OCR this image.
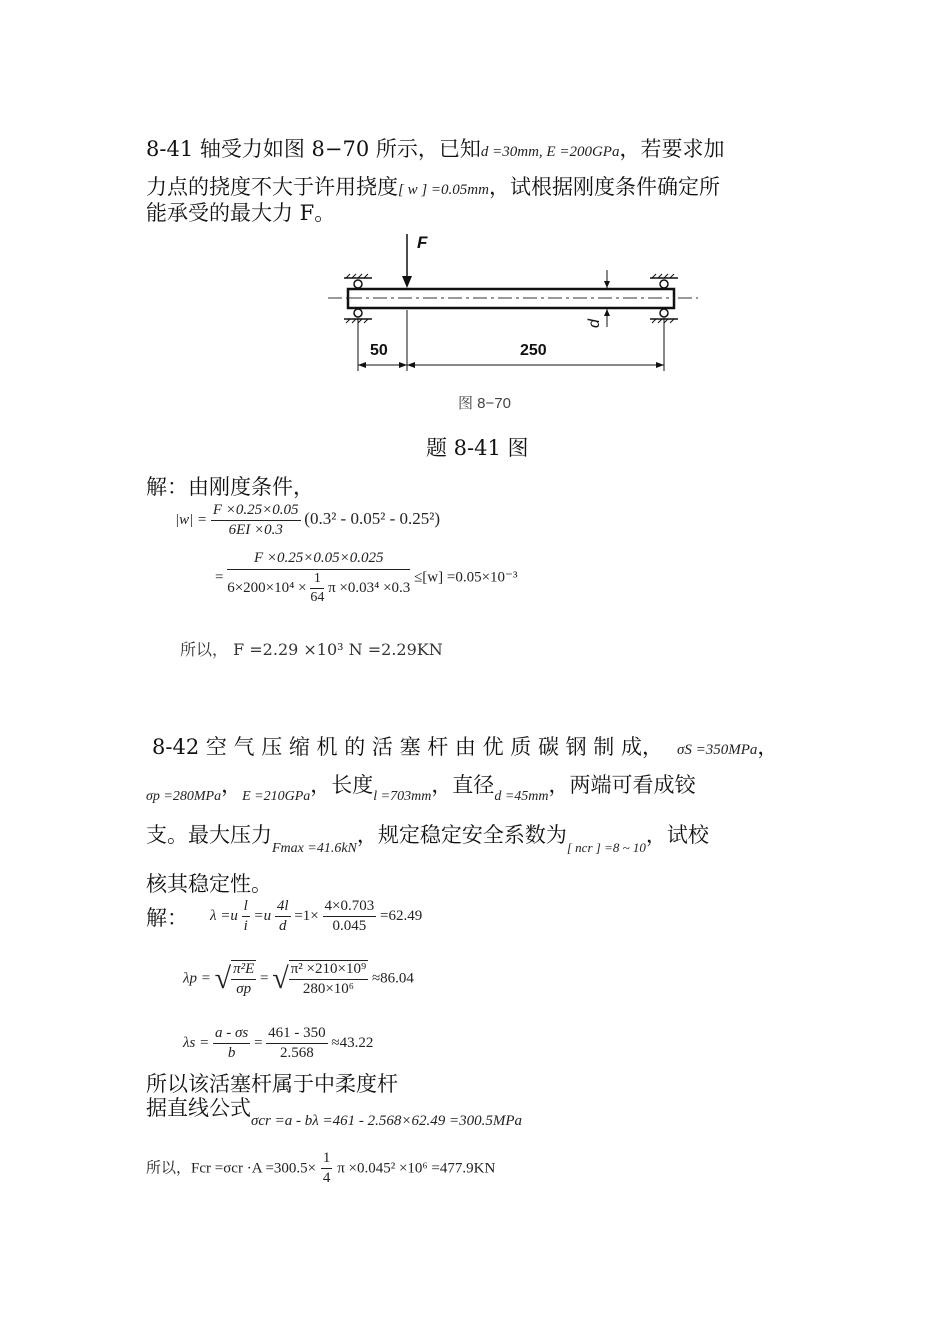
8-41 轴受力如图 8−70 所示，已知d =30mm, E =200GPa，若要求加
力点的挠度不大于许用挠度[ w ] =0.05mm，试根据刚度条件确定所
能承受的最大力 F。
F
d
50	250
图 8−70
题 8-41 图
解：由刚度条件，
$|w| = \frac{F \times 0.25\times 0.05}{6EI \times 0.3} (0.3^2 - 0.05^2 - 0.25^2)$
=
F ×0.25×0.05×0.025
$6\times 200\times 10^4 \times \frac{1}{64}$ π ×0.03⁴ ×0.3
≤[w] =0.05×10⁻³
所以， F =2.29 ×10³ N =2.29KN
8-42 空 气 压 缩 机 的 活 塞 杆 由 优 质 碳 钢 制 成， σS =350MPa，
$_{\sigma p =280MPa}$，$_{E =210GPa}$，长度$_{l =703mm}$，直径$_{d =45mm}$，两端可看成铰
支。最大压力$_{Fmax =41.6kN}$，规定稳定安全系数为$_{[ ncr ] =8 \sim 10}$，试校
核其稳定性。
解： $\lambda =u \frac{l}{i} =u \frac{4l}{d} =1\times \frac{4\times 0.703}{0.045} =62.49$
λp = √ $\frac{\text{π²E}}{\sigma p}$ = √ $\frac{\text{π² ×210×10⁹}}{\text{280×10⁶}} \approx 86.04$
$\lambda s = \frac{a - \sigma s}{b} = \frac{461 - 350}{2.568} \approx 43.22$
所以该活塞杆属于中柔度杆
据直线公式$_{\sigma cr =a - b\lambda =461 - 2.568\times 62.49 =300.5MPa}$
所以，Fcr $=\sigma cr \cdot A =300.5\times \frac{1}{4}$ π ×0.045² ×10⁶ =477.9KN
